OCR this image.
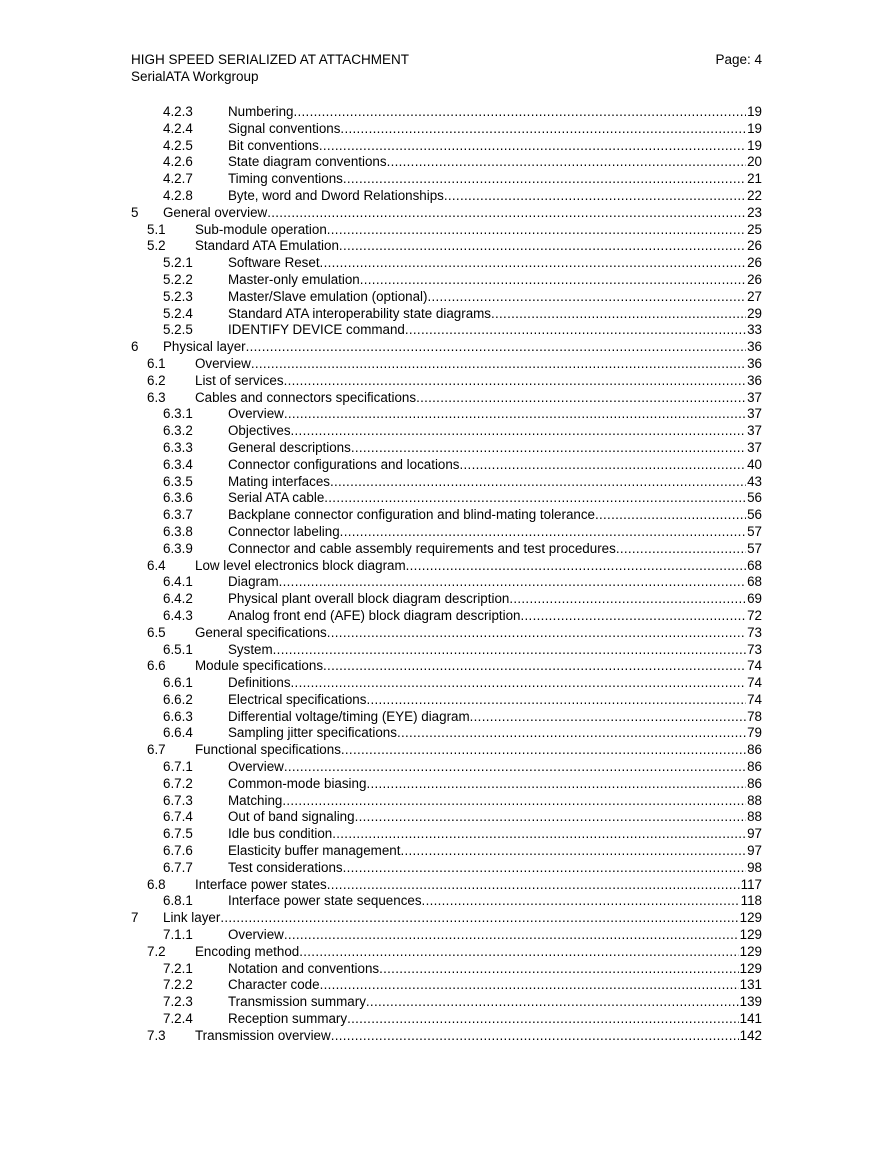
HIGH SPEED SERIALIZED AT ATTACHMENT	Page: 4
SerialATA Workgroup
4.2.3	Numbering .....	19
4.2.4	Signal conventions .....	19
4.2.5	Bit conventions .....	19
4.2.6	State diagram conventions .....	20
4.2.7	Timing conventions .....	21
4.2.8	Byte, word and Dword Relationships .....	22
5 General overview .....	23
5.1 Sub-module operation .....	25
5.2 Standard ATA Emulation .....	26
5.2.1	Software Reset .....	26
5.2.2	Master-only emulation .....	26
5.2.3	Master/Slave emulation (optional) .....	27
5.2.4	Standard ATA interoperability state diagrams .....	29
5.2.5	IDENTIFY DEVICE command .....	33
6 Physical layer .....	36
6.1 Overview .....	36
6.2 List of services .....	36
6.3 Cables and connectors specifications .....	37
6.3.1	Overview .....	37
6.3.2	Objectives .....	37
6.3.3	General descriptions .....	37
6.3.4	Connector configurations and locations .....	40
6.3.5	Mating interfaces .....	43
6.3.6	Serial ATA cable .....	56
6.3.7	Backplane connector configuration and blind-mating tolerance .....	56
6.3.8	Connector labeling .....	57
6.3.9	Connector and cable assembly requirements and test procedures .....	57
6.4 Low level electronics block diagram .....	68
6.4.1	Diagram .....	68
6.4.2	Physical plant overall block diagram description .....	69
6.4.3	Analog front end (AFE) block diagram description .....	72
6.5 General specifications .....	73
6.5.1	System .....	73
6.6 Module specifications .....	74
6.6.1	Definitions .....	74
6.6.2	Electrical specifications .....	74
6.6.3	Differential voltage/timing (EYE) diagram .....	78
6.6.4	Sampling jitter specifications .....	79
6.7 Functional specifications .....	86
6.7.1	Overview .....	86
6.7.2	Common-mode biasing .....	86
6.7.3	Matching .....	88
6.7.4	Out of band signaling .....	88
6.7.5	Idle bus condition .....	97
6.7.6	Elasticity buffer management .....	97
6.7.7	Test considerations .....	98
6.8 Interface power states .....	117
6.8.1	Interface power state sequences .....	118
7 Link layer .....	129
7.1.1	Overview .....	129
7.2 Encoding method .....	129
7.2.1	Notation and conventions .....	129
7.2.2	Character code .....	131
7.2.3	Transmission summary .....	139
7.2.4	Reception summary .....	141
7.3 Transmission overview .....	142
